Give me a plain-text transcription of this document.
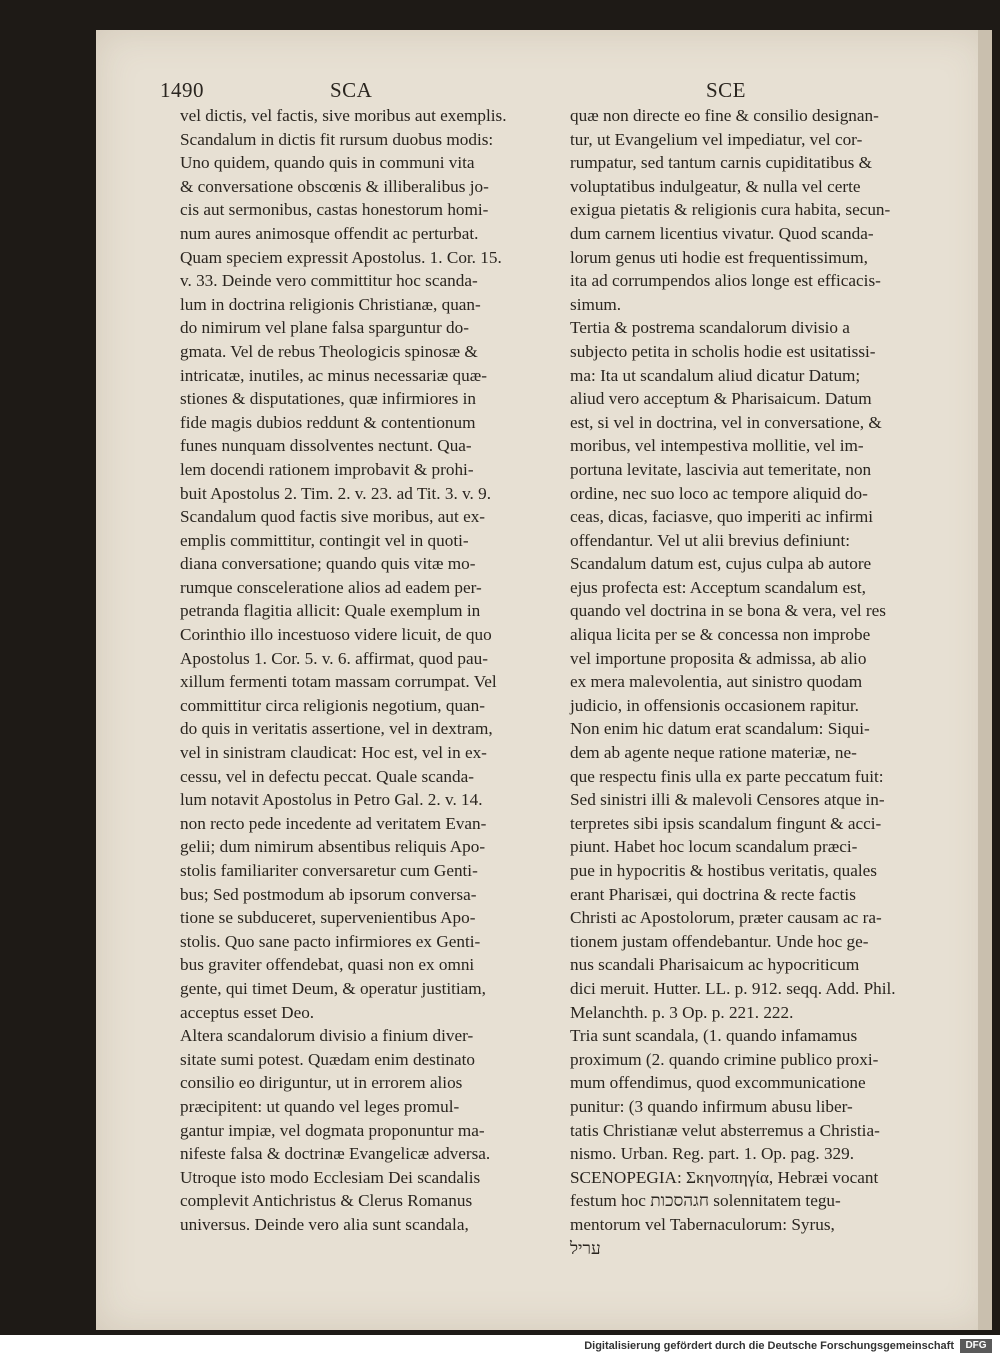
1490	SCA	SCE
vel dictis, vel factis, sive moribus aut exemplis.
Scandalum in dictis fit rursum duobus modis:
Uno quidem, quando quis in communi vita
& conversatione obscœnis & illiberalibus jo-
cis aut sermonibus, castas honestorum homi-
num aures animosque offendit ac perturbat.
Quam speciem expressit Apostolus. 1. Cor. 15.
v. 33. Deinde vero committitur hoc scanda-
lum in doctrina religionis Christianæ, quan-
do nimirum vel plane falsa sparguntur do-
gmata. Vel de rebus Theologicis spinosæ &
intricatæ, inutiles, ac minus necessariæ quæ-
stiones & disputationes, quæ infirmiores in
fide magis dubios reddunt & contentionum
funes nunquam dissolventes nectunt. Qua-
lem docendi rationem improbavit & prohi-
buit Apostolus 2. Tim. 2. v. 23. ad Tit. 3. v. 9.
Scandalum quod factis sive moribus, aut ex-
emplis committitur, contingit vel in quoti-
diana conversatione; quando quis vitæ mo-
rumque conscеleratione alios ad eadem per-
petranda flagitia allicit: Quale exemplum in
Corinthio illo incestuoso videre licuit, de quo
Apostolus 1. Cor. 5. v. 6. affirmat, quod pau-
xillum fermenti totam massam corrumpat. Vel
committitur circa religionis negotium, quan-
do quis in veritatis assertione, vel in dextram,
vel in sinistram claudicat: Hoc est, vel in ex-
cessu, vel in defectu peccat. Quale scanda-
lum notavit Apostolus in Petro Gal. 2. v. 14.
non recto pede incedente ad veritatem Evan-
gelii; dum nimirum absentibus reliquis Apo-
stolis familiariter conversaretur cum Genti-
bus; Sed postmodum ab ipsorum conversa-
tione se subduceret, supervenientibus Apo-
stolis. Quo sane pacto infirmiores ex Genti-
bus graviter offendebat, quasi non ex omni
gente, qui timet Deum, & operatur justitiam,
acceptus esset Deo.
Altera scandalorum divisio a finium diver-
sitate sumi potest. Quædam enim destinato
consilio eo diriguntur, ut in errorem alios
præcipitent: ut quando vel leges promul-
gantur impiæ, vel dogmata proponuntur ma-
nifeste falsa & doctrinæ Evangelicæ adversa.
Utroque isto modo Ecclesiam Dei scandalis
complevit Antichristus & Clerus Romanus
universus. Deinde vero alia sunt scandala,
quæ non directe eo fine & consilio designan-
tur, ut Evangelium vel impediatur, vel cor-
rumpatur, sed tantum carnis cupiditatibus &
voluptatibus indulgeatur, & nulla vel certe
exigua pietatis & religionis cura habita, secun-
dum carnem licentius vivatur. Quod scanda-
lorum genus uti hodie est frequentissimum,
ita ad corrumpendos alios longe est efficacis-
simum.
Tertia & postrema scandalorum divisio a
subjecto petita in scholis hodie est usitatissi-
ma: Ita ut scandalum aliud dicatur Datum;
aliud vero acceptum & Pharisaicum. Datum
est, si vel in doctrina, vel in conversatione, &
moribus, vel intempestiva mollitie, vel im-
portuna levitate, lascivia aut temeritate, non
ordine, nec suo loco ac tempore aliquid do-
ceas, dicas, faciasve, quo imperiti ac infirmi
offendantur. Vel ut alii brevius definiunt:
Scandalum datum est, cujus culpa ab autore
ejus profecta est: Acceptum scandalum est,
quando vel doctrina in se bona & vera, vel res
aliqua licita per se & concessa non improbe
vel importune proposita & admissa, ab alio
ex mera malevolentia, aut sinistro quodam
judicio, in offensionis occasionem rapitur.
Non enim hic datum erat scandalum: Siqui-
dem ab agente neque ratione materiæ, ne-
que respectu finis ulla ex parte peccatum fuit:
Sed sinistri illi & malevoli Censores atque in-
terpretes sibi ipsis scandalum fingunt & acci-
piunt. Habet hoc locum scandalum præci-
pue in hypocritis & hostibus veritatis, quales
erant Pharisæi, qui doctrina & recte factis
Christi ac Apostolorum, præter causam ac ra-
tionem justam offendebantur. Unde hoc ge-
nus scandali Pharisaicum ac hypocriticum
dici meruit. Hutter. LL. p. 912. seqq. Add. Phil.
Melanchth. p. 3 Op. p. 221. 222.
Tria sunt scandala, (1. quando infamamus
proximum (2. quando crimine publico proxi-
mum offendimus, quod excommunicatione
punitur: (3 quando infirmum abusu liber-
tatis Christianæ velut absterremus a Christia-
nismo. Urban. Reg. part. 1. Op. pag. 329.
SCENOPEGIA: Σκηνοπηγία, Hebræi vocant
festum hoc חגהסכות solennitatem tegu-
mentorum vel Tabernaculorum: Syrus,
עריל
Digitalisierung gefördert durch die Deutsche Forschungsgemeinschaft	DFG
